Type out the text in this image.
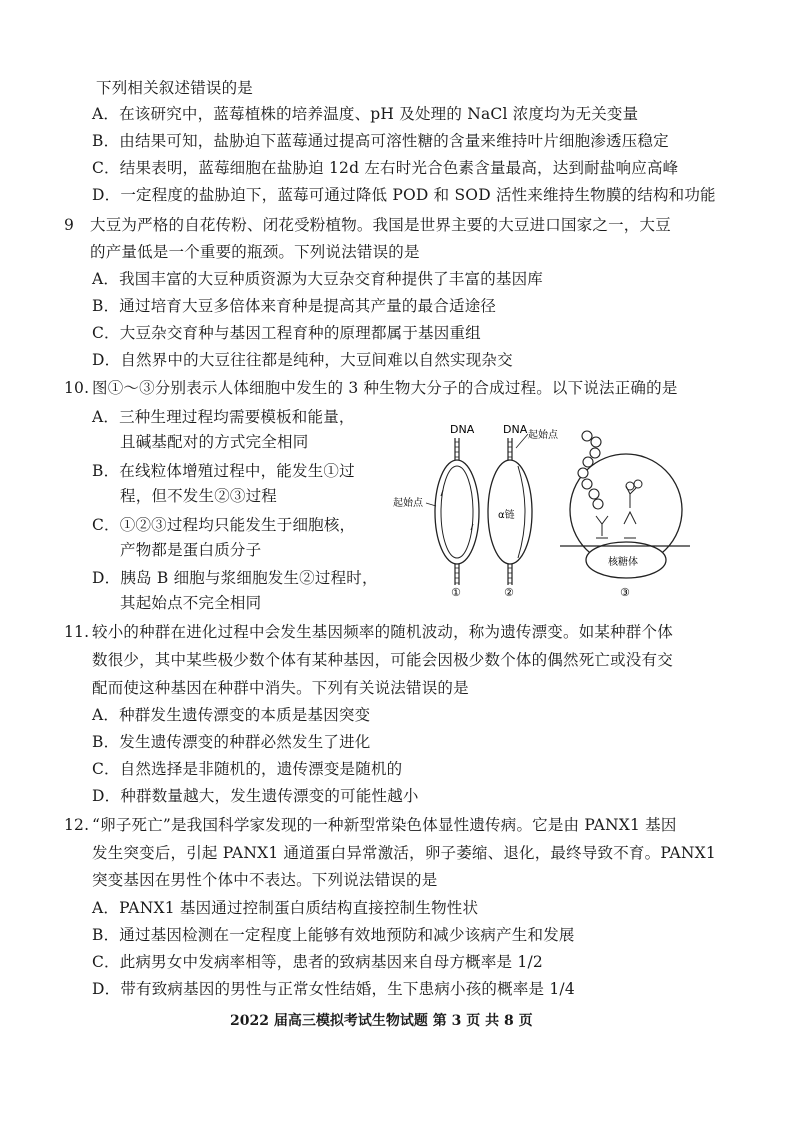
下列相关叙述错误的是
A．在该研究中，蓝莓植株的培养温度、pH 及处理的 NaCl 浓度均为无关变量
B．由结果可知，盐胁迫下蓝莓通过提高可溶性糖的含量来维持叶片细胞渗透压稳定
C．结果表明，蓝莓细胞在盐胁迫 12d 左右时光合色素含量最高，达到耐盐响应高峰
D．一定程度的盐胁迫下，蓝莓可通过降低 POD 和 SOD 活性来维持生物膜的结构和功能
9 大豆为严格的自花传粉、闭花受粉植物。我国是世界主要的大豆进口国家之一，大豆
的产量低是一个重要的瓶颈。下列说法错误的是
A．我国丰富的大豆种质资源为大豆杂交育种提供了丰富的基因库
B．通过培育大豆多倍体来育种是提高其产量的最合适途径
C．大豆杂交育种与基因工程育种的原理都属于基因重组
D．自然界中的大豆往往都是纯种，大豆间难以自然实现杂交
10. 图①～③分别表示人体细胞中发生的 3 种生物大分子的合成过程。以下说法正确的是
A．三种生理过程均需要模板和能量，
且碱基配对的方式完全相同
B．在线粒体增殖过程中，能发生①过
程，但不发生②③过程
C．①②③过程均只能发生于细胞核，
产物都是蛋白质分子
D．胰岛 B 细胞与浆细胞发生②过程时，
其起始点不完全相同
DNA
起始点
①
DNA 起始点
α链
②
核糖体
③
11. 较小的种群在进化过程中会发生基因频率的随机波动，称为遗传漂变。如某种群个体
数很少，其中某些极少数个体有某种基因，可能会因极少数个体的偶然死亡或没有交
配而使这种基因在种群中消失。下列有关说法错误的是
A．种群发生遗传漂变的本质是基因突变
B．发生遗传漂变的种群必然发生了进化
C．自然选择是非随机的，遗传漂变是随机的
D．种群数量越大，发生遗传漂变的可能性越小
12. “卵子死亡”是我国科学家发现的一种新型常染色体显性遗传病。它是由 PANX1 基因
发生突变后，引起 PANX1 通道蛋白异常激活，卵子萎缩、退化，最终导致不育。PANX1
突变基因在男性个体中不表达。下列说法错误的是
A．PANX1 基因通过控制蛋白质结构直接控制生物性状
B．通过基因检测在一定程度上能够有效地预防和减少该病产生和发展
C．此病男女中发病率相等，患者的致病基因来自母方概率是 1/2
D．带有致病基因的男性与正常女性结婚，生下患病小孩的概率是 1/4
2022 届高三模拟考试生物试题 第 3 页 共 8 页
